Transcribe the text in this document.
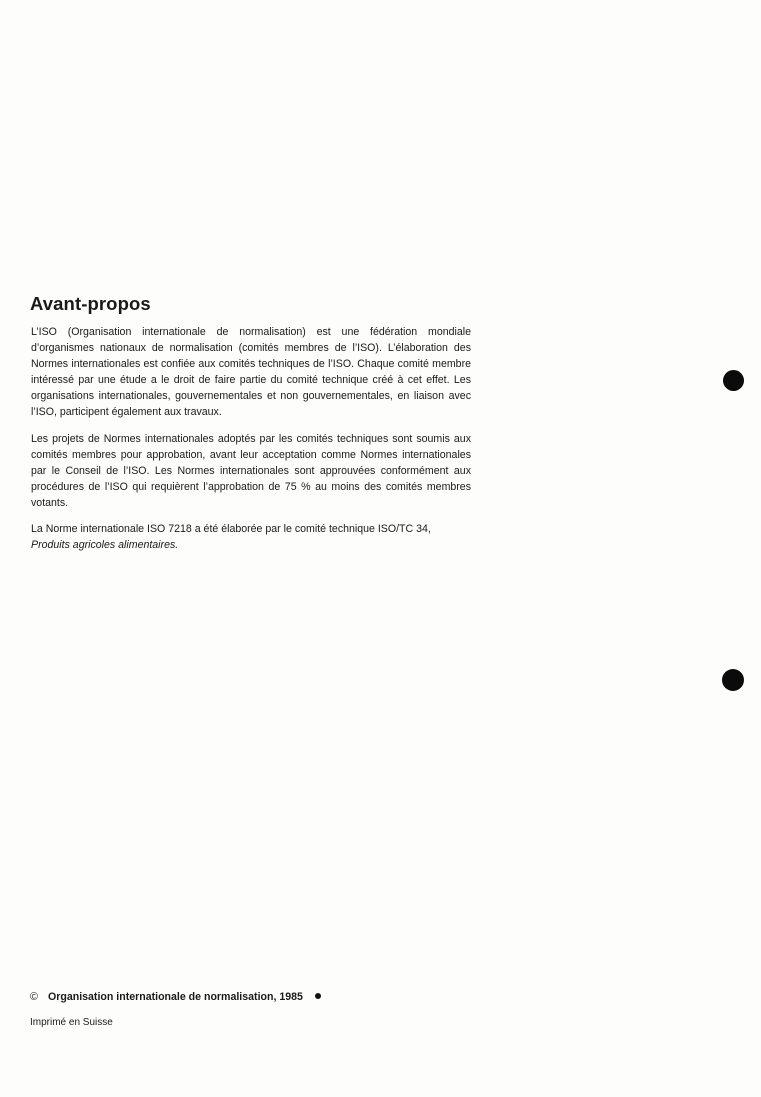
Avant-propos

L’ISO (Organisation internationale de normalisation) est une fédération mondiale d’organismes nationaux de normalisation (comités membres de l’ISO). L’élaboration des Normes internationales est confiée aux comités techniques de l’ISO. Chaque comité membre intéressé par une étude a le droit de faire partie du comité technique créé à cet effet. Les organisations internationales, gouvernementales et non gouvernementales, en liaison avec l’ISO, participent également aux travaux.

Les projets de Normes internationales adoptés par les comités techniques sont soumis aux comités membres pour approbation, avant leur acceptation comme Normes internationales par le Conseil de l’ISO. Les Normes internationales sont approuvées conformément aux procédures de l’ISO qui requièrent l’approbation de 75 % au moins des comités membres votants.

La Norme internationale ISO 7218 a été élaborée par le comité technique ISO/TC 34,
Produits agricoles alimentaires.

© Organisation internationale de normalisation, 1985
Imprimé en Suisse
